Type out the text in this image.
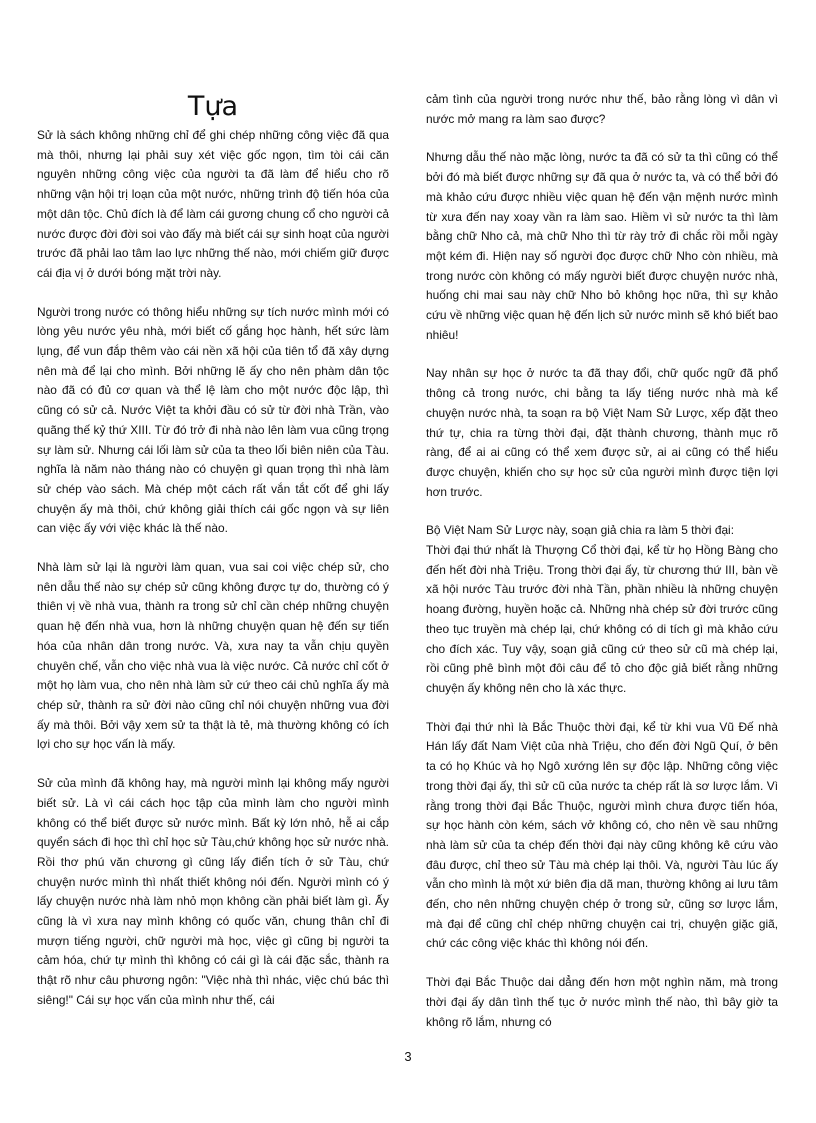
Tựa

Sử là sách không những chỉ để ghi chép những công việc đã qua mà thôi, nhưng lại phải suy xét việc gốc ngọn, tìm tòi cái căn nguyên những công việc của người ta đã làm để hiểu cho rõ những vận hội trị loạn của một nước, những trình độ tiến hóa của một dân tộc. Chủ đích là để làm cái gương chung cổ cho người cả nước được đời đời soi vào đấy mà biết cái sự sinh hoạt của người trước đã phải lao tâm lao lực những thế nào, mới chiếm giữ được cái địa vị ở dưới bóng mặt trời này.

Người trong nước có thông hiểu những sự tích nước mình mới có lòng yêu nước yêu nhà, mới biết cố gắng học hành, hết sức làm lụng, để vun đắp thêm vào cái nền xã hội của tiên tổ đã xây dựng nên mà để lại cho mình. Bởi những lẽ ấy cho nên phàm dân tộc nào đã có đủ cơ quan và thể lệ làm cho một nước độc lập, thì cũng có sử cả. Nước Việt ta khởi đầu có sử từ đời nhà Trần, vào quãng thế kỷ thứ XIII. Từ đó trở đi nhà nào lên làm vua cũng trọng sự làm sử. Nhưng cái lối làm sử của ta theo lối biên niên của Tàu. nghĩa là năm nào tháng nào có chuyện gì quan trọng thì nhà làm sử chép vào sách. Mà chép một cách rất vắn tắt cốt để ghi lấy chuyện ấy mà thôi, chứ không giải thích cái gốc ngọn và sự liên can việc ấy với việc khác là thế nào.

Nhà làm sử lại là người làm quan, vua sai coi việc chép sử, cho nên dẫu thế nào sự chép sử cũng không được tự do, thường có ý thiên vị về nhà vua, thành ra trong sử chỉ cần chép những chuyện quan hệ đến nhà vua, hơn là những chuyện quan hệ đến sự tiến hóa của nhân dân trong nước. Và, xưa nay ta vẫn chịu quyền chuyên chế, vẫn cho việc nhà vua là việc nước. Cả nước chỉ cốt ở một họ làm vua, cho nên nhà làm sử cứ theo cái chủ nghĩa ấy mà chép sử, thành ra sử đời nào cũng chỉ nói chuyện những vua đời ấy mà thôi. Bởi vậy xem sử ta thật là tẻ, mà thường không có ích lợi cho sự học vấn là mấy.

Sử của mình đã không hay, mà người mình lại không mấy người biết sử. Là vì cái cách học tập của mình làm cho người mình không có thể biết được sử nước mình. Bất kỳ lớn nhỏ, hễ ai cắp quyển sách đi học thì chỉ học sử Tàu,chứ không học sử nước nhà. Rồi thơ phú văn chương gì cũng lấy điển tích ở sử Tàu, chứ chuyện nước mình thì nhất thiết không nói đến. Người mình có ý lấy chuyện nước nhà làm nhỏ mọn không cần phải biết làm gì. Ấy cũng là vì xưa nay mình không có quốc văn, chung thân chỉ đi mượn tiếng người, chữ người mà học, việc gì cũng bị người ta cảm hóa, chứ tự mình thì không có cái gì là cái đặc sắc, thành ra thật rõ như câu phương ngôn: "Việc nhà thì nhác, việc chú bác thì siêng!" Cái sự học vấn của mình như thế, cái

cảm tình của người trong nước như thế, bảo rằng lòng vì dân vì nước mở mang ra làm sao được?

Nhưng dẫu thế nào mặc lòng, nước ta đã có sử ta thì cũng có thể bởi đó mà biết được những sự đã qua ở nước ta, và có thể bởi đó mà khảo cứu được nhiều việc quan hệ đến vận mệnh nước mình từ xưa đến nay xoay vần ra làm sao. Hiềm vì sử nước ta thì làm bằng chữ Nho cả, mà chữ Nho thì từ rày trở đi chắc rồi mỗi ngày một kém đi. Hiện nay số người đọc được chữ Nho còn nhiều, mà trong nước còn không có mấy người biết được chuyện nước nhà, huống chi mai sau này chữ Nho bỏ không học nữa, thì sự khảo cứu về những việc quan hệ đến lịch sử nước mình sẽ khó biết bao nhiêu!

Nay nhân sự học ở nước ta đã thay đổi, chữ quốc ngữ đã phổ thông cả trong nước, chi bằng ta lấy tiếng nước nhà mà kể chuyện nước nhà, ta soạn ra bộ Việt Nam Sử Lược, xếp đặt theo thứ tự, chia ra từng thời đại, đặt thành chương, thành mục rõ ràng, để ai ai cũng có thể xem được sử, ai ai cũng có thể hiểu được chuyện, khiến cho sự học sử của người mình được tiện lợi hơn trước.

Bộ Việt Nam Sử Lược này, soạn giả chia ra làm 5 thời đại:

Thời đại thứ nhất là Thượng Cổ thời đại, kể từ họ Hồng Bàng cho đến hết đời nhà Triệu. Trong thời đại ấy, từ chương thứ III, bàn về xã hội nước Tàu trước đời nhà Tần, phần nhiều là những chuyện hoang đường, huyền hoặc cả. Những nhà chép sử đời trước cũng theo tục truyền mà chép lại, chứ không có di tích gì mà khảo cứu cho đích xác. Tuy vậy, soạn giả cũng cứ theo sử cũ mà chép lại, rồi cũng phê bình một đôi câu để tỏ cho độc giả biết rằng những chuyện ấy không nên cho là xác thực.

Thời đại thứ nhì là Bắc Thuộc thời đại, kể từ khi vua Vũ Đế nhà Hán lấy đất Nam Việt của nhà Triệu, cho đến đời Ngũ Quí, ở bên ta có họ Khúc và họ Ngô xướng lên sự độc lập. Những công việc trong thời đại ấy, thì sử cũ của nước ta chép rất là sơ lược lắm. Vì rằng trong thời đại Bắc Thuộc, người mình chưa được tiến hóa, sự học hành còn kém, sách vở không có, cho nên về sau những nhà làm sử của ta chép đến thời đại này cũng không kê cứu vào đâu được, chỉ theo sử Tàu mà chép lại thôi. Và, người Tàu lúc ấy vẫn cho mình là một xứ biên địa dã man, thường không ai lưu tâm đến, cho nên những chuyện chép ở trong sử, cũng sơ lược lắm, mà đại để cũng chỉ chép những chuyện cai trị, chuyện giặc giã, chứ các công việc khác thì không nói đến.

Thời đại Bắc Thuộc dai dẳng đến hơn một nghìn năm, mà trong thời đại ấy dân tình thế tục ở nước mình thế nào, thì bây giờ ta không rõ lắm, nhưng có

3
